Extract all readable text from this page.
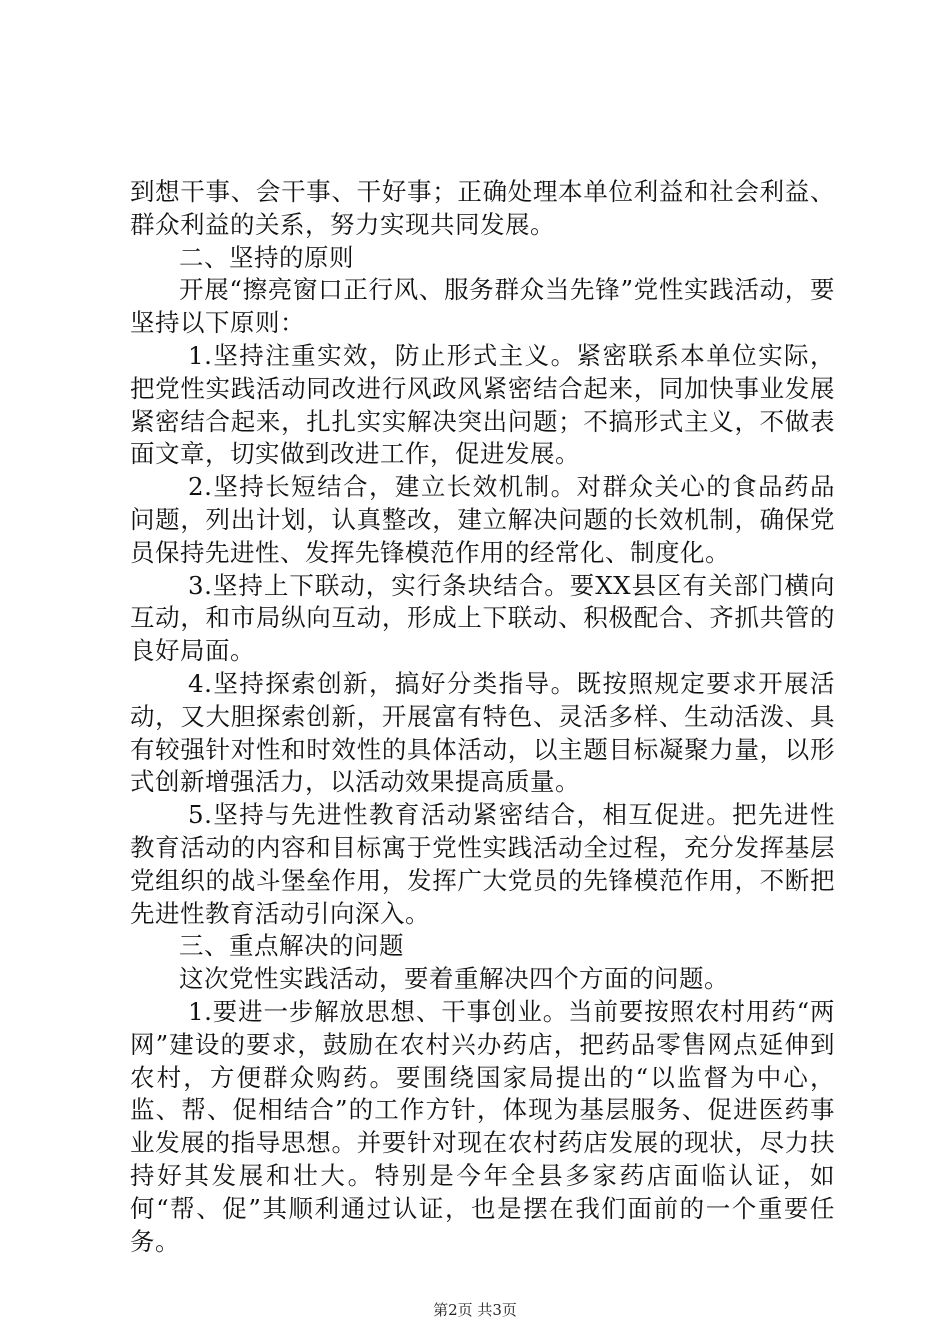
到想干事、会干事、干好事；正确处理本单位利益和社会利益、群众利益的关系，努力实现共同发展。

二、坚持的原则

开展“擦亮窗口正行风、服务群众当先锋”党性实践活动，要坚持以下原则：

1.坚持注重实效，防止形式主义。紧密联系本单位实际，把党性实践活动同改进行风政风紧密结合起来，同加快事业发展紧密结合起来，扎扎实实解决突出问题；不搞形式主义，不做表面文章，切实做到改进工作，促进发展。

2.坚持长短结合，建立长效机制。对群众关心的食品药品问题，列出计划，认真整改，建立解决问题的长效机制，确保党员保持先进性、发挥先锋模范作用的经常化、制度化。

3.坚持上下联动，实行条块结合。要XX县区有关部门横向互动，和市局纵向互动，形成上下联动、积极配合、齐抓共管的良好局面。

4.坚持探索创新，搞好分类指导。既按照规定要求开展活动，又大胆探索创新，开展富有特色、灵活多样、生动活泼、具有较强针对性和时效性的具体活动，以主题目标凝聚力量，以形式创新增强活力，以活动效果提高质量。

5.坚持与先进性教育活动紧密结合，相互促进。把先进性教育活动的内容和目标寓于党性实践活动全过程，充分发挥基层党组织的战斗堡垒作用，发挥广大党员的先锋模范作用，不断把先进性教育活动引向深入。

三、重点解决的问题

这次党性实践活动，要着重解决四个方面的问题。

1.要进一步解放思想、干事创业。当前要按照农村用药“两网”建设的要求，鼓励在农村兴办药店，把药品零售网点延伸到农村，方便群众购药。要围绕国家局提出的“以监督为中心，监、帮、促相结合”的工作方针，体现为基层服务、促进医药事业发展的指导思想。并要针对现在农村药店发展的现状，尽力扶持好其发展和壮大。特别是今年全县多家药店面临认证，如何“帮、促”其顺利通过认证，也是摆在我们面前的一个重要任务。

第2页 共3页
